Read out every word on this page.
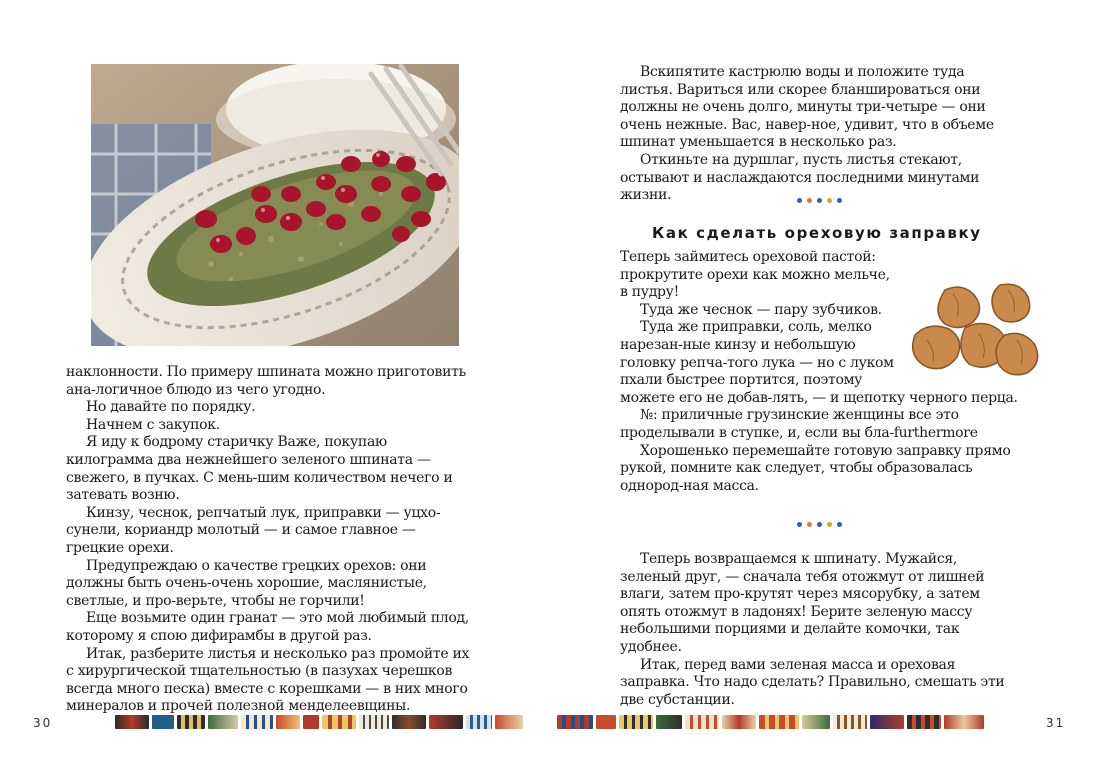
наклонности. По примеру шпината можно приготовить ана-логичное блюдо из чего угодно.

Но давайте по порядку.

Начнем с закупок.

Я иду к бодрому старичку Важе, покупаю килограмма два нежнейшего зеленого шпината — свежего, в пучках. С мень-шим количеством нечего и затевать возню.

Кинзу, чеснок, репчатый лук, приправки — уцхо-сунели, кориандр молотый — и самое главное — грецкие орехи.

Предупреждаю о качестве грецких орехов: они должны быть очень-очень хорошие, маслянистые, светлые, и про-верьте, чтобы не горчили!

Еще возьмите один гранат — это мой любимый плод, которому я спою дифирамбы в другой раз.

Итак, разберите листья и несколько раз промойте их с хирургической тщательностью (в пазухах черешков всегда много песка) вместе с корешками — в них много минералов и прочей полезной менделеевщины.

30

Вскипятите кастрюлю воды и положите туда листья. Вариться или скорее бланшироваться они должны не очень долго, минуты три-четыре — они очень нежные. Вас, навер-ное, удивит, что в объеме шпинат уменьшается в несколько раз.

Откиньте на дуршлаг, пусть листья стекают, остывают и наслаждаются последними минутами жизни.

Как сделать ореховую заправку

Теперь займитесь ореховой пастой: прокрутите орехи как можно мельче, в пудру!

Туда же чеснок — пару зубчиков.

Туда же приправки, соль, мелко нарезан-ные кинзу и небольшую головку репча-того лука — но с луком пхали быстрее портится, поэтому можете его не добав-лять, — и щепотку черного перца.

№: приличные грузинские женщины все это проделывали в ступке, и, если вы бла-furthermore

Хорошенько перемешайте готовую заправку прямо рукой, помните как следует, чтобы образовалась однород-ная масса.

Теперь возвращаемся к шпинату. Мужайся, зеленый друг, — сначала тебя отожмут от лишней влаги, затем про-крутят через мясорубку, а затем опять отожмут в ладонях! Берите зеленую массу небольшими порциями и делайте комочки, так удобнее.

Итак, перед вами зеленая масса и ореховая заправка. Что надо сделать? Правильно, смешать эти две субстанции.

31
